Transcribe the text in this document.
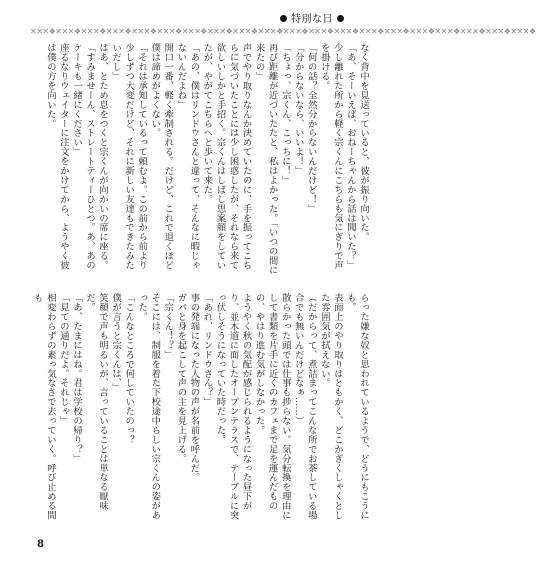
特別な日
✕✕✕❖✕✕✕❖✕✕✕❖✕✕✕❖✕✕✕❖✕✕✕❖✕✕✕❖✕✕✕❖✕✕✕❖✕✕✕❖✕✕✕❖✕✕✕❖✕✕✕❖✕✕✕❖✕✕✕❖✕✕✕❖✕✕✕❖✕✕✕❖✕✕✕❖✕✕✕❖

なく背中を見送っていると、彼が振り向いた。

「あ、そーいえば、おねーちゃんから話は聞いた？」

少し離れた所から軽く宗くんにこちらも気にぎりで声を掛ける。

「何の話？全然分からないんだけど！」

「分からないなら、いいよ！」

「ちょっ、宗くん、こっちに！」

再び距離が近づいたたと、私はよかった。「いつの間に来たの」

声でやり取りなんか決めていたのに、手を振ってこちらに気づいたことには少し困惑したが、それなら来て欲しいしかと手招く。宗くんはしばし思案顔をしていたが、やがてこちらへと歩いて来た。

「あの、僕はリンドウさんと違って、そんなに暇じゃないんだよね」

開口一番、軽く牽制される。だけど、これで退くほど僕は諦めがよくない。

「それは承知しているって頼むよ。この前から前より少しずつ大変だけど、それに新しい友達もできたみたいだし」

はあ、とため息をつくと宗くんが向かいの席に座る。

「すみませーん、ストレートティーひとつ。あ、あのケーキも一緒にください」

座るなりウェイターに注文をかけてから、ようやく彼は僕の方を向いた。

らった嫌な奴と思われているようで、どうにもこうにも。

表面上のやり取りはともかく、どこかぎくしゃくとした雰囲気が拭えない。

（だからって、煮詰まってこんな所でお茶している場合でも無いんだけどなぁ……）

散らかった頭では仕事も捗らない。気分転換を理由にして書類を片手に近くのカフェまで足を運んだものの、やはり進む気がしなかった。

ようやく秋の気配が感じられるようになった昼下がり、並木道に面したオープンテラスで、テーブルに突っ伏しそうになっていた時だった。

「あれ、リンドウさん？」

事の発端になった人物の声が名前を呼んだ。

ガバと身を起こして声の主を見上げる。

「宗くん！？」

そこには、制服を着た下校途中らしい宗くんの姿があった。

「こんなところで何していたのっ？

僕が言うと宗くんは、」

笑顔で声も明るいが、言っていることは単なる厭味だ。

「あ、たまにはね。君は学校の帰り？」

「見ての通りだよ。それじゃ」

相変わらずの素っ気なさで去っていく。呼び止める間も

8
